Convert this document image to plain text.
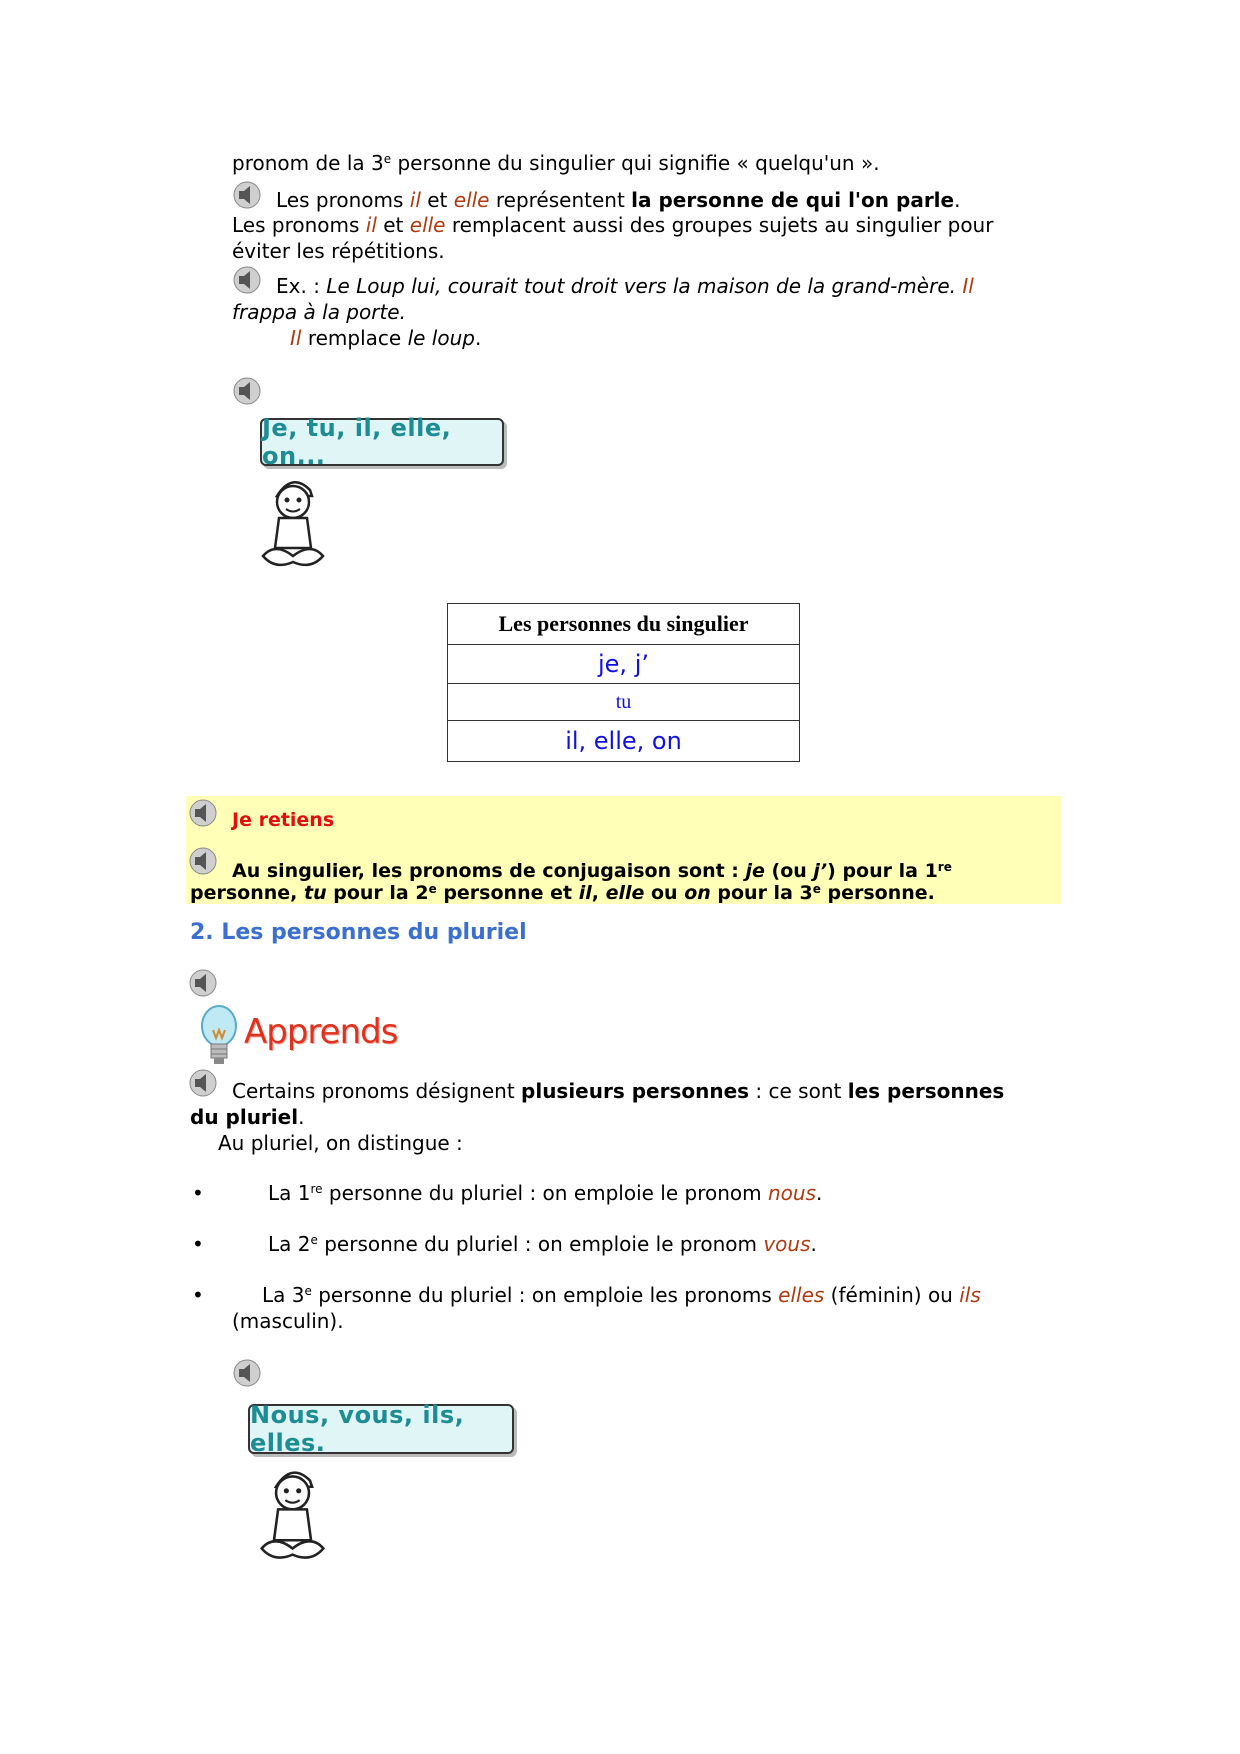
pronom de la 3e personne du singulier qui signifie « quelqu'un ».
Les pronoms il et elle représentent la personne de qui l'on parle.
Les pronoms il et elle remplacent aussi des groupes sujets au singulier pour
éviter les répétitions.
Ex. : Le Loup lui, courait tout droit vers la maison de la grand-mère. Il
frappa à la porte.
Il remplace le loup.
Je, tu, il, elle, on...
Les personnes du singulier
je, j’
tu
il, elle, on
Je retiens
Au singulier, les pronoms de conjugaison sont : je (ou j’) pour la 1re
personne, tu pour la 2e personne et il, elle ou on pour la 3e personne.
2. Les personnes du pluriel
Apprends
Certains pronoms désignent plusieurs personnes : ce sont les personnes
du pluriel.
Au pluriel, on distingue :
•	La 1re personne du pluriel : on emploie le pronom nous.
•	La 2e personne du pluriel : on emploie le pronom vous.
•	La 3e personne du pluriel : on emploie les pronoms elles (féminin) ou ils
(masculin).
Nous, vous, ils, elles.
